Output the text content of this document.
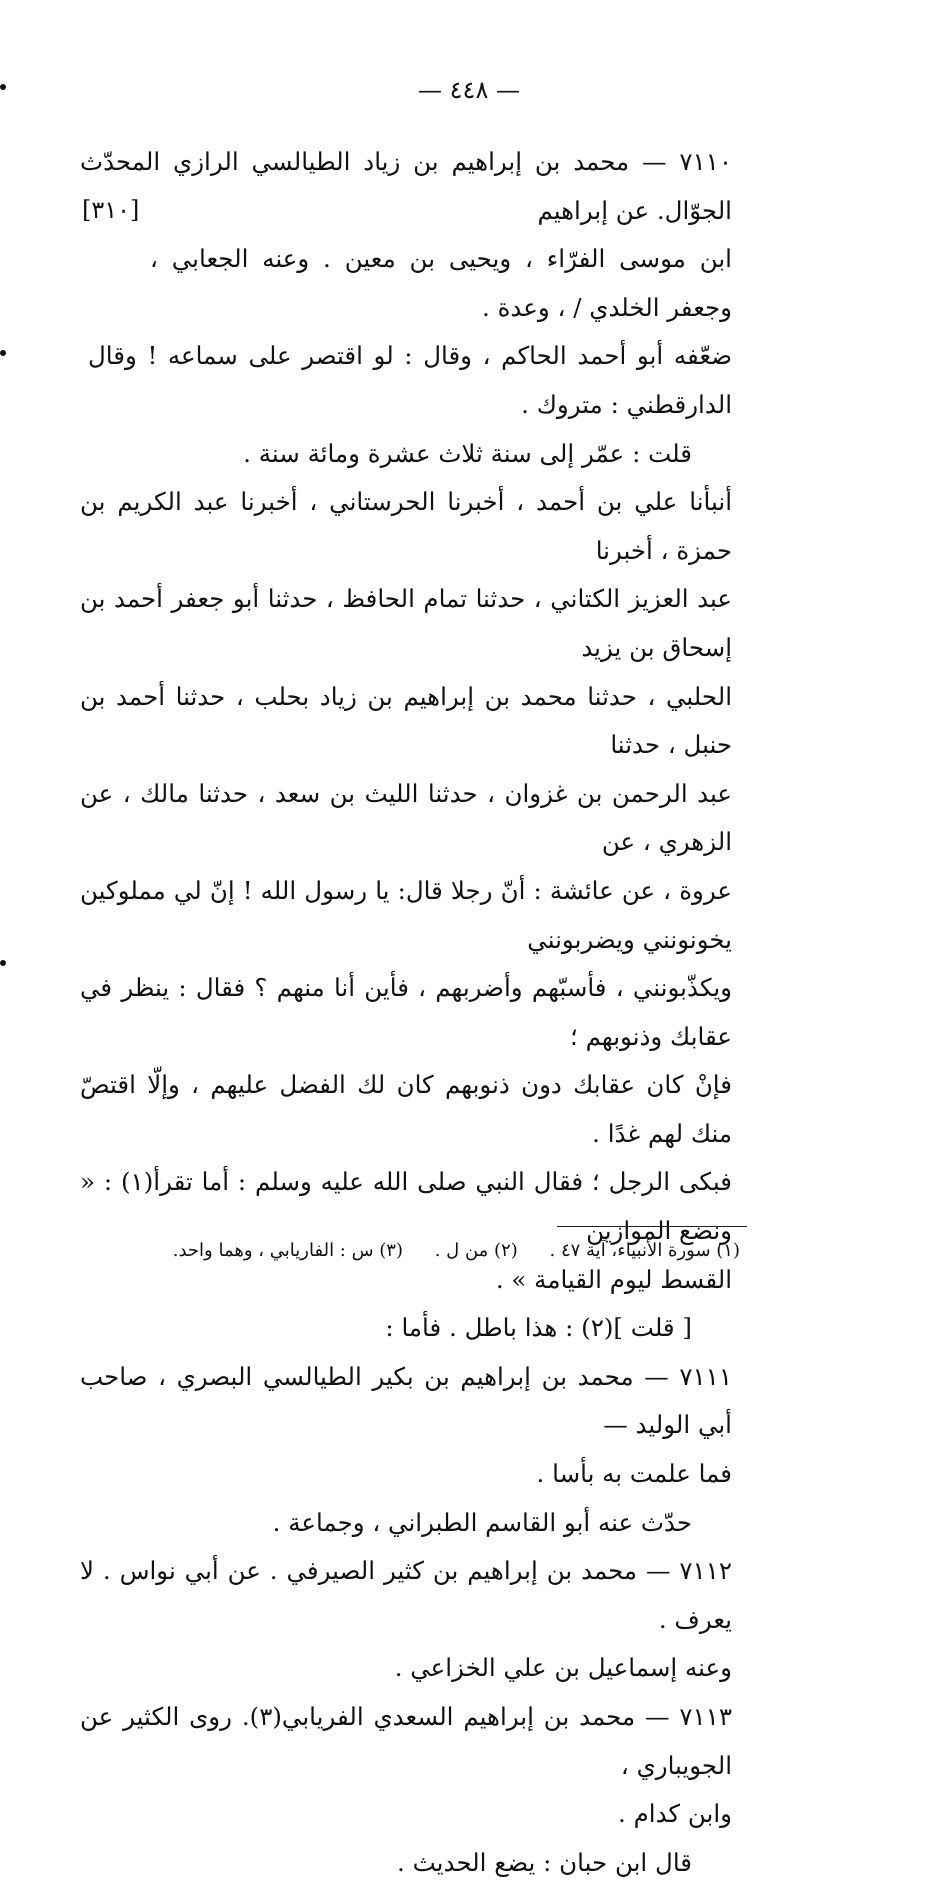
— ٤٤٨ —
[٣١٠]

٧١١٠ — محمد بن إبراهيم بن زياد الطيالسي الرازي المحدّث الجوّال. عن إبراهيم

ابن موسى الفرّاء ، ويحيى بن معين . وعنه الجعابي ، وجعفر الخلدي / ، وعدة .

ضعّفه أبو أحمد الحاكم ، وقال : لو اقتصر على سماعه ! وقال الدارقطني : متروك .

قلت : عمّر إلى سنة ثلاث عشرة ومائة سنة .

أنبأنا علي بن أحمد ، أخبرنا الحرستاني ، أخبرنا عبد الكريم بن حمزة ، أخبرنا

عبد العزيز الكتاني ، حدثنا تمام الحافظ ، حدثنا أبو جعفر أحمد بن إسحاق بن يزيد

الحلبي ، حدثنا محمد بن إبراهيم بن زياد بحلب ، حدثنا أحمد بن حنبل ، حدثنا

عبد الرحمن بن غزوان ، حدثنا الليث بن سعد ، حدثنا مالك ، عن الزهري ، عن

عروة ، عن عائشة : أنّ رجلا قال: يا رسول الله ! إنّ لي مملوكين يخونونني ويضربونني

ويكذّبونني ، فأسبّهم وأضربهم ، فأين أنا منهم ؟ فقال : ينظر في عقابك وذنوبهم ؛

فإنْ كان عقابك دون ذنوبهم كان لك الفضل عليهم ، وإلّا اقتصّ منك لهم غدًا .

فبكى الرجل ؛ فقال النبي صلى الله عليه وسلم : أما تقرأ(١) : « ونضع الموازين

القسط ليوم القيامة » .

[ قلت ](٢) : هذا باطل . فأما :

٧١١١ — محمد بن إبراهيم بن بكير الطيالسي البصري ، صاحب أبي الوليد —

فما علمت به بأسا .

حدّث عنه أبو القاسم الطبراني ، وجماعة .

٧١١٢ — محمد بن إبراهيم بن كثير الصيرفي . عن أبي نواس . لا يعرف .

وعنه إسماعيل بن علي الخزاعي .

٧١١٣ — محمد بن إبراهيم السعدي الفريابي(٣). روى الكثير عن الجويباري ،

وابن كدام .

قال ابن حبان : يضع الحديث .

(١) سورة الأنبياء، آية ٤٧ . (٢) من ل . (٣) س : الفاريابي ، وهما واحد.
